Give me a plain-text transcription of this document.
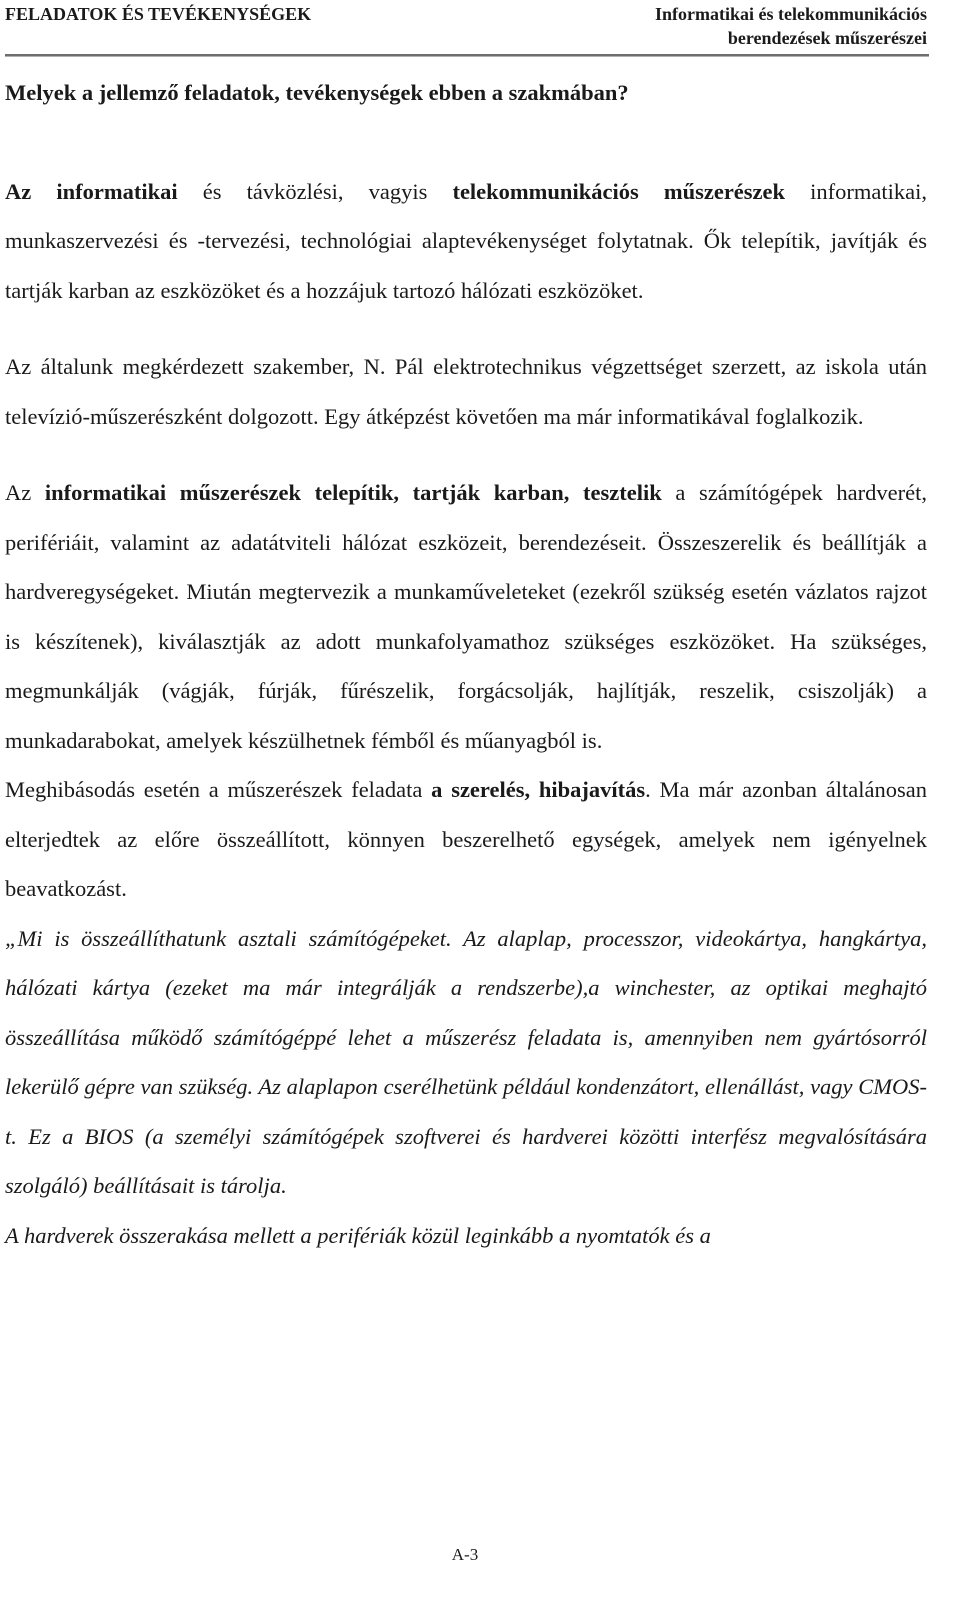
FELADATOK ÉS TEVÉKENYSÉGEK	Informatikai és telekommunikációs
berendezések műszerészei

Melyek a jellemző feladatok, tevékenységek ebben a szakmában?

Az informatikai és távközlési, vagyis telekommunikációs műszerészek informatikai, munkaszervezési és -tervezési, technológiai alaptevékenységet folytatnak. Ők telepítik, javítják és tartják karban az eszközöket és a hozzájuk tartozó hálózati eszközöket.

Az általunk megkérdezett szakember, N. Pál elektrotechnikus végzettséget szerzett, az iskola után televízió-műszerészként dolgozott. Egy átképzést követően ma már informatikával foglalkozik.

Az informatikai műszerészek telepítik, tartják karban, tesztelik a számítógépek hardverét, perifériáit, valamint az adatátviteli hálózat eszközeit, berendezéseit. Összeszerelik és beállítják a hardveregységeket. Miután megtervezik a munkaműveleteket (ezekről szükség esetén vázlatos rajzot is készítenek), kiválasztják az adott munkafolyamathoz szükséges eszközöket. Ha szükséges, megmunkálják (vágják, fúrják, fűrészelik, forgácsolják, hajlítják, reszelik, csiszolják) a munkadarabokat, amelyek készülhetnek fémből és műanyagból is.

Meghibásodás esetén a műszerészek feladata a szerelés, hibajavítás. Ma már azonban általánosan elterjedtek az előre összeállított, könnyen beszerelhető egységek, amelyek nem igényelnek beavatkozást.

„Mi is összeállíthatunk asztali számítógépeket. Az alaplap, processzor, videokártya, hangkártya, hálózati kártya (ezeket ma már integrálják a rendszerbe),a winchester, az optikai meghajtó összeállítása működő számítógéppé lehet a műszerész feladata is, amennyiben nem gyártósorról lekerülő gépre van szükség. Az alaplapon cserélhetünk például kondenzátort, ellenállást, vagy CMOS-t. Ez a BIOS (a személyi számítógépek szoftverei és hardverei közötti interfész megvalósítására szolgáló) beállításait is tárolja.

A hardverek összerakása mellett a perifériák közül leginkább a nyomtatók és a

A-3
